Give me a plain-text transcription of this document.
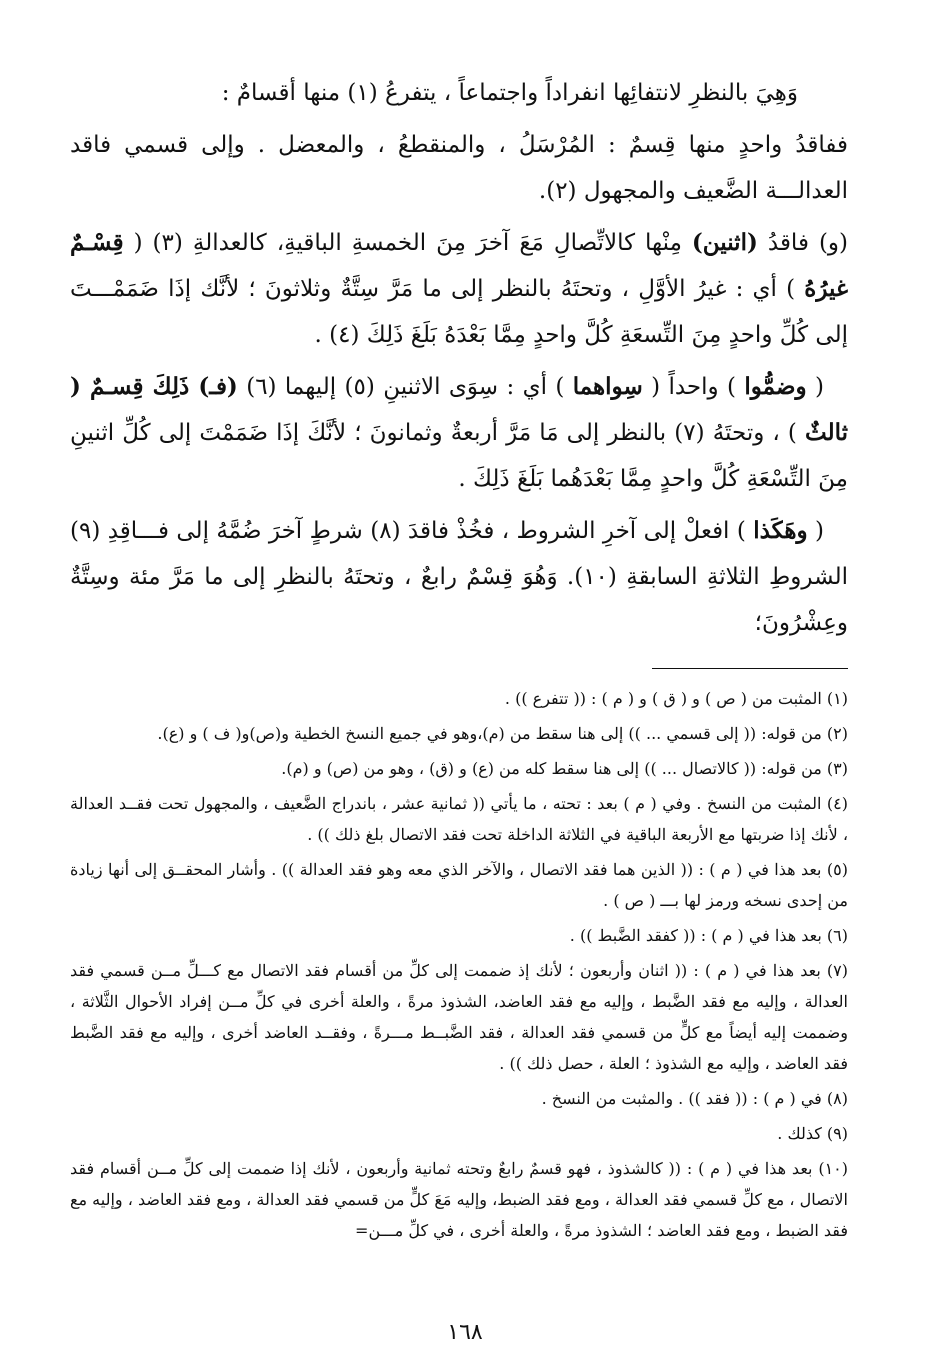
وَهِيَ بالنظرِ لانتفائِها انفراداً واجتماعاً ، يتفرعُ (١) منها أقسامٌ :

ففاقدُ واحدٍ منها قِسمٌ : المُرْسَلُ ، والمنقطعُ ، والمعضل . وإلى قسمي فاقد العدالـــة الضَّعيف والمجهول (٢).

(و) فاقدُ (اثنين) مِنْها كالاتِّصالِ مَعَ آخرَ مِنَ الخمسةِ الباقيةِ، كالعدالةِ (٣) ( قِسْـمٌ غيرُهُ ) أي : غيرُ الأوَّلِ ، وتحتَهُ بالنظر إلى ما مَرَّ سِتَّةٌ وثلاثونَ ؛ لأنَّك إذَا ضَمَمْـــتَ إلى كُلِّ واحدٍ مِنَ التِّسعَةِ كُلَّ واحدٍ مِمَّا بَعْدَهُ بَلَغَ ذَلِكَ (٤) .

( وضمُّوا ) واحداً ( سِواهما ) أي : سِوَى الاثنينِ (٥) إليهما (٦) (فـ) ذَلِكَ قِسـمٌ ( ثالثٌ ) ، وتحتَهُ (٧) بالنظر إلى مَا مَرَّ أربعةٌ وثمانونَ ؛ لأنَّكَ إذَا ضَمَمْتَ إلى كُلِّ اثنينِ مِنَ التِّسْعَةِ كُلَّ واحدٍ مِمَّا بَعْدَهُما بَلَغَ ذَلِكَ .

( وهَكَذا ) افعلْ إلى آخرِ الشروط ، فخُذْ فاقدَ (٨) شرطٍ آخرَ ضُمَّهُ إلى فـــاقِدِ (٩) الشروطِ الثلاثةِ السابقةِ (١٠). وَهُوَ قِسْمٌ رابعٌ ، وتحتَهُ بالنظرِ إلى ما مَرَّ مئة وسِتَّةٌ وعِشْرُونَ؛

(١) المثبت من ( ص ) و ( ق ) و ( م ) : (( تتفرع )) .

(٢) من قوله: (( إلى قسمي ... )) إلى هنا سقط من (م)،وهو في جميع النسخ الخطية و(ص)و( ف ) و (ع).

(٣) من قوله: (( كالاتصال ... )) إلى هنا سقط كله من (ع) و (ق) ، وهو من (ص) و (م).

(٤) المثبت من النسخ . وفي ( م ) بعد : تحته ، ما يأتي (( ثمانية عشر ، باندراج الضَّعيف ، والمجهول تحت فقــد العدالة ، لأنك إذا ضربتها مع الأربعة الباقية في الثلاثة الداخلة تحت فقد الاتصال بلغ ذلك )) .

(٥) بعد هذا في ( م ) : (( الذين هما فقد الاتصال ، والآخر الذي معه وهو فقد العدالة )) . وأشار المحقــق إلى أنها زيادة من إحدى نسخه ورمز لها بـــ ( ص ) .

(٦) بعد هذا في ( م ) : (( كفقد الضَّبط )) .

(٧) بعد هذا في ( م ) : (( اثنان وأربعون ؛ لأنك إذ ضممت إلى كلِّ من أقسام فقد الاتصال مع كـــلِّ مــن قسمي فقد العدالة ، وإليه مع فقد الضَّبط ، وإليه مع فقد العاضد، الشذوذ مرةً ، والعلة أخرى في كلِّ مــن إفراد الأحوال الثَّلاثة ، وضممت إليه أيضاً مع كلٍّ من قسمي فقد العدالة ، فقد الضَّبــط مـــرةً ، وفقــد العاضد أخرى ، وإليه مع فقد الضَّبط فقد العاضد ، وإليه مع الشذوذ ؛ العلة ، حصل ذلك )) .

(٨) في ( م ) : (( فقد )) . والمثبت من النسخ .

(٩) كذلك .

(١٠) بعد هذا في ( م ) : (( كالشذوذ ، فهو قسمٌ رابعٌ وتحته ثمانية وأربعون ، لأنك إذا ضممت إلى كلِّ مــن أقسام فقد الاتصال ، مع كلِّ قسمي فقد العدالة ، ومع فقد الضبط، وإليه مَعَ كلٍّ من قسمي فقد العدالة ، ومع فقد العاضد ، وإليه مع فقد الضبط ، ومع فقد العاضد ؛ الشذوذ مرةً ، والعلة أخرى ، في كلِّ مـــن=

١٦٨
